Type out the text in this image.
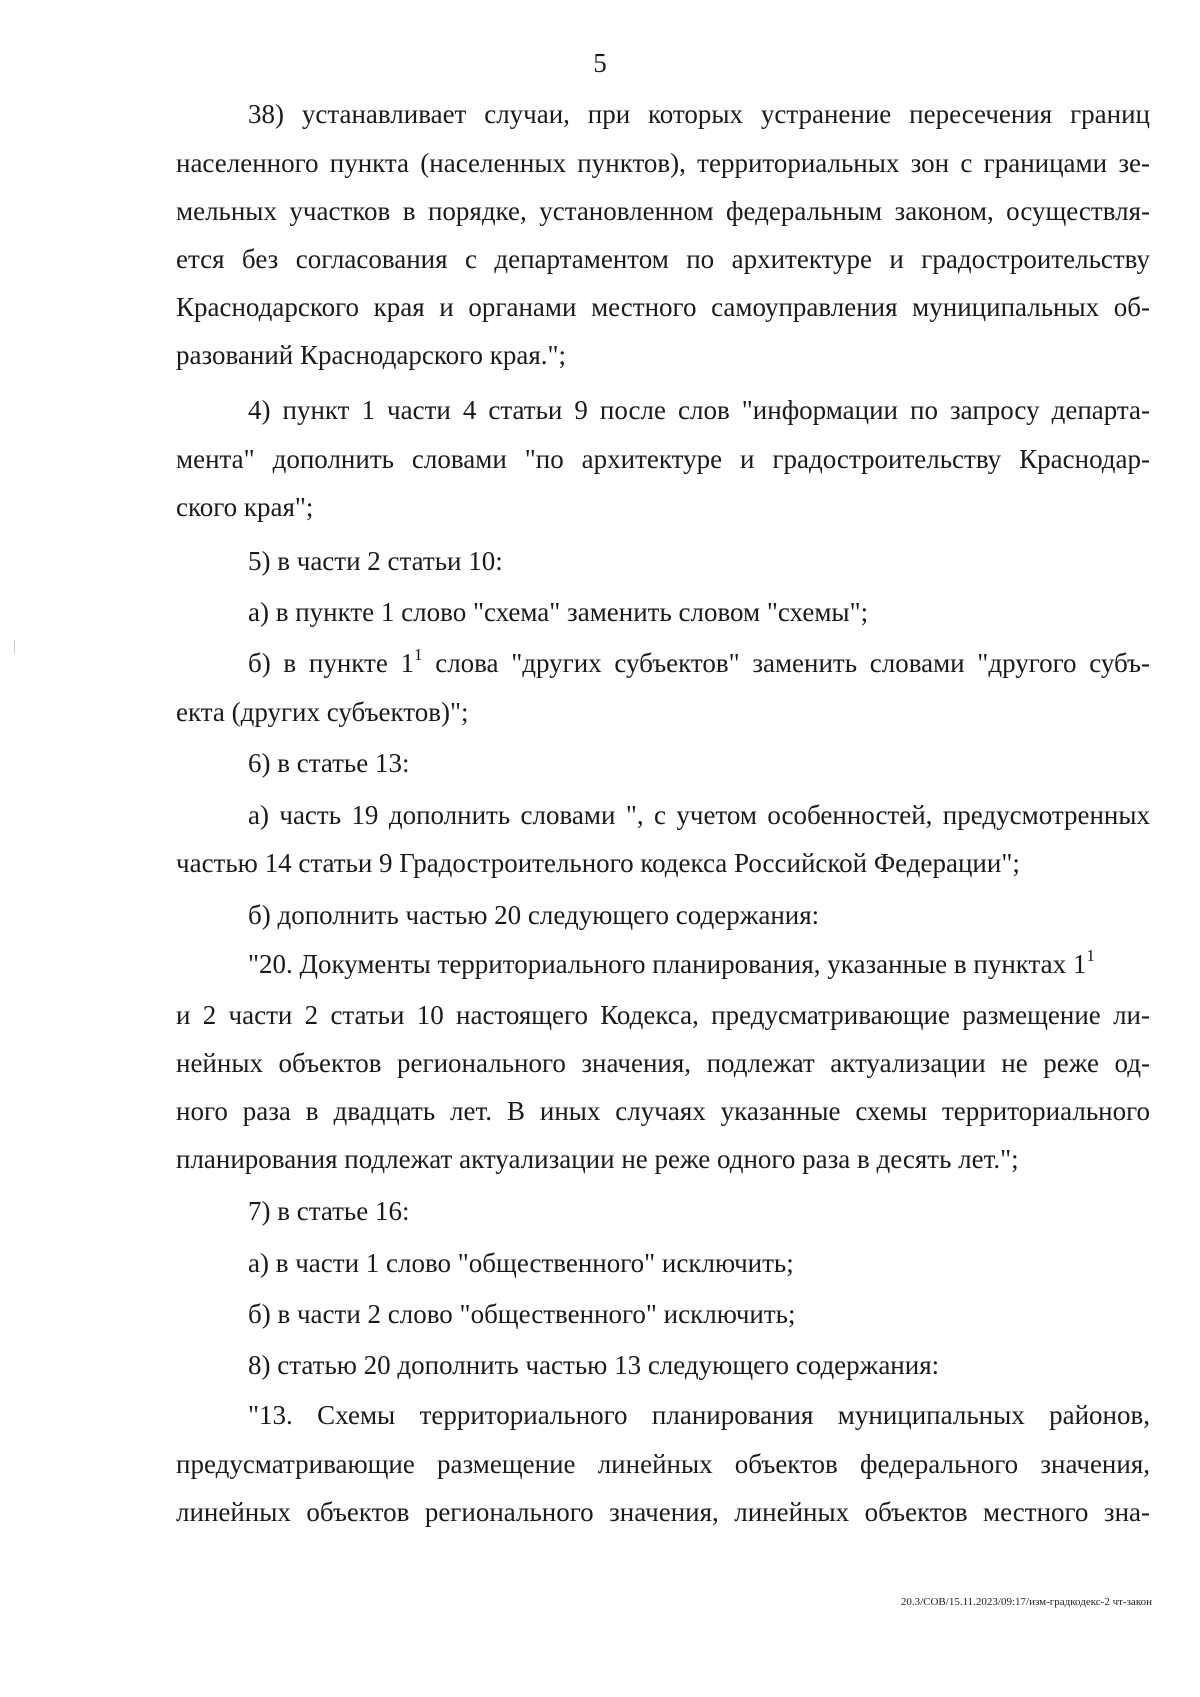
5
38) устанавливает случаи, при которых устранение пересечения границ
населенного пункта (населенных пунктов), территориальных зон с границами зе-
мельных участков в порядке, установленном федеральным законом, осуществля-
ется без согласования с департаментом по архитектуре и градостроительству
Краснодарского края и органами местного самоуправления муниципальных об-
разований Краснодарского края.";
4) пункт 1 части 4 статьи 9 после слов "информации по запросу департа-
мента" дополнить словами "по архитектуре и градостроительству Краснодар-
ского края";
5) в части 2 статьи 10:
а) в пункте 1 слово "схема" заменить словом "схемы";
б) в пункте $1^1$ слова "других субъектов" заменить словами "другого субъ-
екта (других субъектов)";
6) в статье 13:
а) часть 19 дополнить словами ", с учетом особенностей, предусмотренных
частью 14 статьи 9 Градостроительного кодекса Российской Федерации";
б) дополнить частью 20 следующего содержания:
"20. Документы территориального планирования, указанные в пунктах $1^1$
и 2 части 2 статьи 10 настоящего Кодекса, предусматривающие размещение ли-
нейных объектов регионального значения, подлежат актуализации не реже од-
ного раза в двадцать лет. В иных случаях указанные схемы территориального
планирования подлежат актуализации не реже одного раза в десять лет.";
7) в статье 16:
а) в части 1 слово "общественного" исключить;
б) в части 2 слово "общественного" исключить;
8) статью 20 дополнить частью 13 следующего содержания:
"13. Схемы территориального планирования муниципальных районов,
предусматривающие размещение линейных объектов федерального значения,
линейных объектов регионального значения, линейных объектов местного зна-
20.3/СОВ/15.11.2023/09:17/изм-градкодекс-2 чт-закон
